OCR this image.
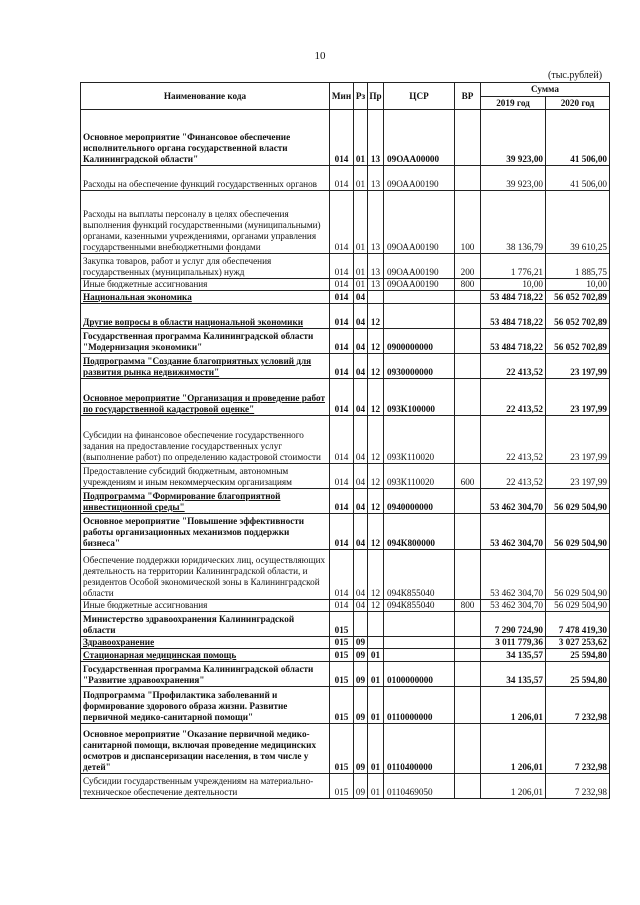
10
(тыс.рублей)
Наименование кода	Мин	Рз	Пр	ЦСР	ВР	Сумма	
						2019 год	2020 год
Основное мероприятие "Финансовое обеспечение исполнительного органа государственной власти Калининградской области"	014	01	13	09ОАА00000		39 923,00	41 506,00
Расходы на обеспечение функций государственных органов	014	01	13	09ОАА00190		39 923,00	41 506,00
Расходы на выплаты персоналу в целях обеспечения выполнения функций государственными (муниципальными) органами, казенными учреждениями, органами управления государственными внебюджетными фондами	014	01	13	09ОАА00190	100	38 136,79	39 610,25
Закупка товаров, работ и услуг для обеспечения государственных (муниципальных) нужд	014	01	13	09ОАА00190	200	1 776,21	1 885,75
Иные бюджетные ассигнования	014	01	13	09ОАА00190	800	10,00	10,00
Национальная экономика	014	04				53 484 718,22	56 052 702,89
Другие вопросы в области национальной экономики	014	04	12			53 484 718,22	56 052 702,89
Государственная программа Калининградской области "Модернизация экономики"	014	04	12	0900000000		53 484 718,22	56 052 702,89
Подпрограмма "Создание благоприятных условий для развития рынка недвижимости"	014	04	12	0930000000		22 413,52	23 197,99
Основное мероприятие "Организация и проведение работ по государственной кадастровой оценке"	014	04	12	093К100000		22 413,52	23 197,99
Субсидии на финансовое обеспечение государственного задания на предоставление государственных услуг (выполнение работ) по определению кадастровой стоимости	014	04	12	093К110020		22 413,52	23 197,99
Предоставление субсидий бюджетным, автономным учреждениям и иным некоммерческим организациям	014	04	12	093К110020	600	22 413,52	23 197,99
Подпрограмма "Формирование благоприятной инвестиционной среды"	014	04	12	0940000000		53 462 304,70	56 029 504,90
Основное мероприятие "Повышение эффективности работы организационных механизмов поддержки бизнеса"	014	04	12	094К800000		53 462 304,70	56 029 504,90
Обеспечение поддержки юридических лиц, осуществляющих деятельность на территории Калининградской области, и резидентов Особой экономической зоны в Калининградской области	014	04	12	094К855040		53 462 304,70	56 029 504,90
Иные бюджетные ассигнования	014	04	12	094К855040	800	53 462 304,70	56 029 504,90
Министерство здравоохранения Калининградской области	015					7 290 724,90	7 478 419,30
Здравоохранение	015	09				3 011 779,36	3 027 253,62
Стационарная медицинская помощь	015	09	01			34 135,57	25 594,80
Государственная программа Калининградской области "Развитие здравоохранения"	015	09	01	0100000000		34 135,57	25 594,80
Подпрограмма "Профилактика заболеваний и формирование здорового образа жизни. Развитие первичной медико-санитарной помощи"	015	09	01	0110000000		1 206,01	7 232,98
Основное мероприятие "Оказание первичной медико-санитарной помощи, включая проведение медицинских осмотров и диспансеризации населения, в том числе у детей"	015	09	01	0110400000		1 206,01	7 232,98
Субсидии государственным учреждениям на материально-техническое обеспечение деятельности	015	09	01	0110469050		1 206,01	7 232,98
